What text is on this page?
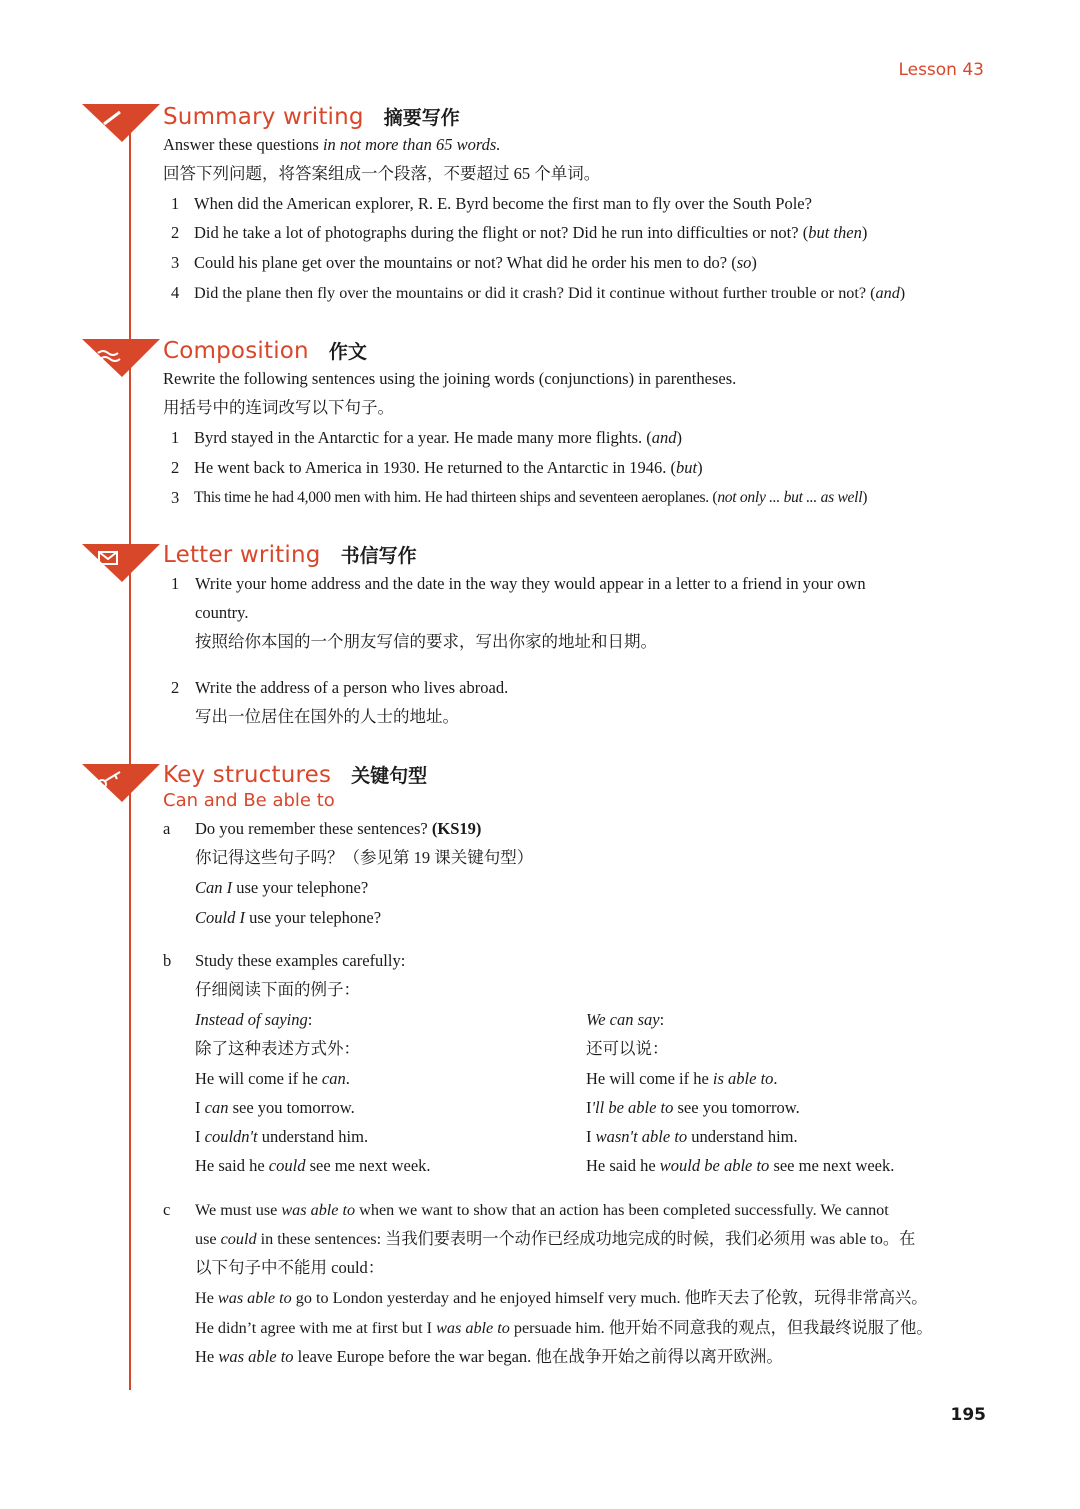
Lesson 43
Summary writing 摘要写作
Answer these questions in not more than 65 words.
回答下列问题，将答案组成一个段落，不要超过 65 个单词。
1 When did the American explorer, R. E. Byrd become the first man to fly over the South Pole?
2 Did he take a lot of photographs during the flight or not? Did he run into difficulties or not? (but then)
3 Could his plane get over the mountains or not? What did he order his men to do? (so)
4 Did the plane then fly over the mountains or did it crash? Did it continue without further trouble or not? (and)
Composition 作文
Rewrite the following sentences using the joining words (conjunctions) in parentheses.
用括号中的连词改写以下句子。
1 Byrd stayed in the Antarctic for a year. He made many more flights. (and)
2 He went back to America in 1930. He returned to the Antarctic in 1946. (but)
3 This time he had 4,000 men with him. He had thirteen ships and seventeen aeroplanes. (not only ... but ... as well)
Letter writing 书信写作
1 Write your home address and the date in the way they would appear in a letter to a friend in your own
country.
按照给你本国的一个朋友写信的要求，写出你家的地址和日期。
2 Write the address of a person who lives abroad.
写出一位居住在国外的人士的地址。
Key structures 关键句型
Can and Be able to
a Do you remember these sentences? (KS19)
你记得这些句子吗？（参见第 19 课关键句型）
Can I use your telephone?
Could I use your telephone?
b Study these examples carefully:
仔细阅读下面的例子：
Instead of saying:
除了这种表述方式外：
He will come if he can.
I can see you tomorrow.
I couldn't understand him.
He said he could see me next week.
We can say:
还可以说：
He will come if he is able to.
I'll be able to see you tomorrow.
I wasn't able to understand him.
He said he would be able to see me next week.
c We must use was able to when we want to show that an action has been completed successfully. We cannot
use could in these sentences: 当我们要表明一个动作已经成功地完成的时候，我们必须用 was able to。在
以下句子中不能用 could：
He was able to go to London yesterday and he enjoyed himself very much. 他昨天去了伦敦，玩得非常高兴。
He didn’t agree with me at first but I was able to persuade him. 他开始不同意我的观点，但我最终说服了他。
He was able to leave Europe before the war began. 他在战争开始之前得以离开欧洲。
195
